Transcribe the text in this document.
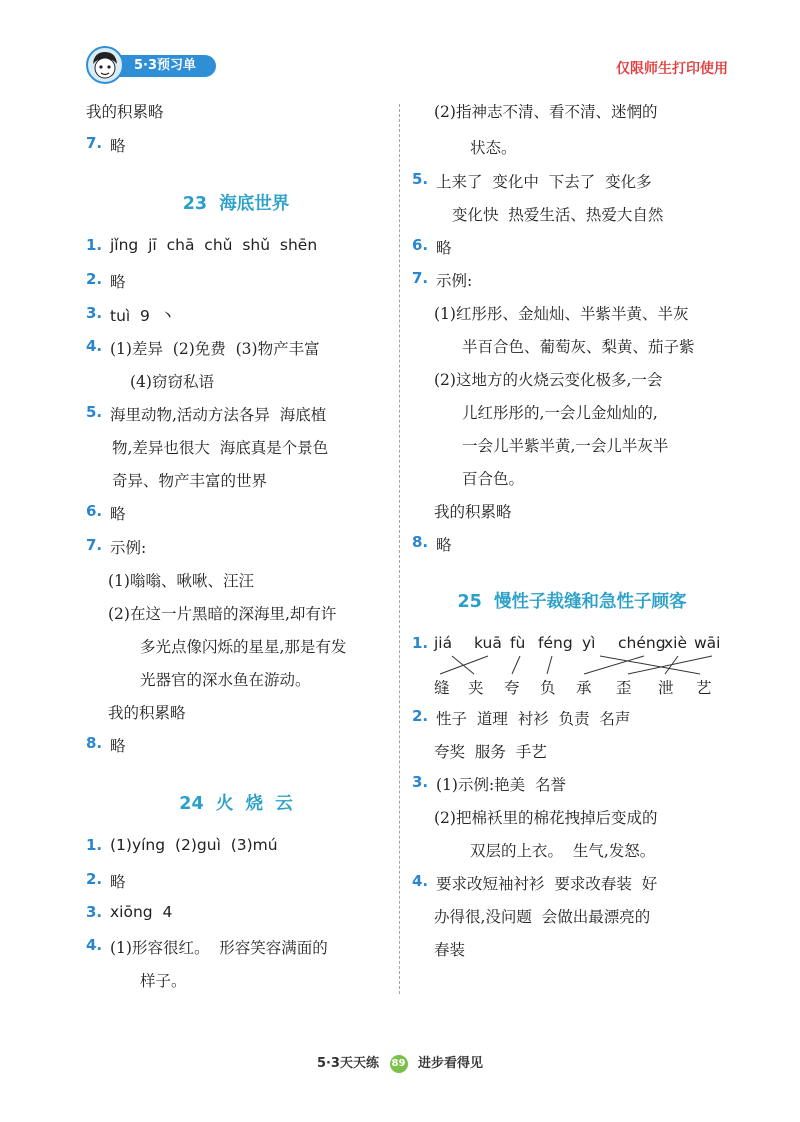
5·3预习单	仅限师生打印使用
我的积累略
7. 略
1. jǐng  jī  chā  chǔ  shǔ  shēn
2. 略
3. tuì  9  丶
4. (1)差异  (2)免费  (3)物产丰富
(4)窃窃私语
5. 海里动物,活动方法各异  海底植
物,差异也很大  海底真是个景色
奇异、物产丰富的世界
6. 略
7. 示例:
(1)嗡嗡、啾啾、汪汪
(2)在这一片黑暗的深海里,却有许
多光点像闪烁的星星,那是有发
光器官的深水鱼在游动。
我的积累略
8. 略
1. (1)yíng  (2)guì  (3)mú
2. 略
3. xiōng  4
4. (1)形容很红。  形容笑容满面的
样子。
23  海底世界
24  火  烧  云
(2)指神志不清、看不清、迷惘的
状态。
5. 上来了  变化中  下去了  变化多
变化快  热爱生活、热爱大自然
6. 略
7. 示例:
(1)红彤彤、金灿灿、半紫半黄、半灰
半百合色、葡萄灰、梨黄、茄子紫
(2)这地方的火烧云变化极多,一会
儿红彤彤的,一会儿金灿灿的,
一会儿半紫半黄,一会儿半灰半
百合色。
我的积累略
8. 略
2. 性子  道理  衬衫  负责  名声
夸奖  服务  手艺
3. (1)示例:艳美  名誉
(2)把棉袄里的棉花拽掉后变成的
双层的上衣。  生气,发怒。
4. 要求改短袖衬衫  要求改春装  好
办得很,没问题  会做出最漂亮的
春装
25  慢性子裁缝和急性子顾客
1. jiá kuā fù féng yì chéng
xiè wāi
缝 夹 夸 负 承 歪 泄 艺
5·3天天练 89 进步看得见
